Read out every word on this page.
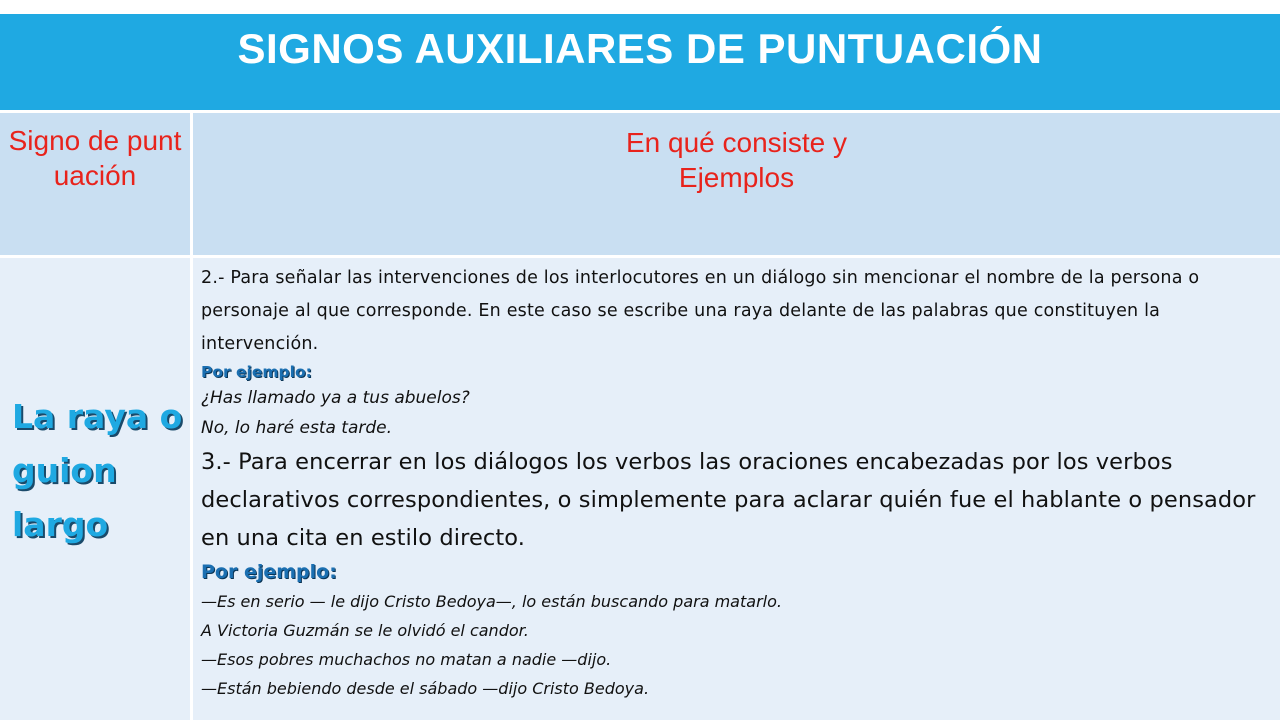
SIGNOS AUXILIARES DE PUNTUACIÓN
Signo de puntuación
En qué consiste y
Ejemplos
La raya o guion largo

2.- Para señalar las intervenciones de los interlocutores en un diálogo sin mencionar el nombre de la persona o personaje al que corresponde. En este caso se escribe una raya delante de las palabras que constituyen la intervención.

Por ejemplo:

¿Has llamado ya a tus abuelos?

No, lo haré esta tarde.

3.- Para encerrar en los diálogos los verbos las oraciones encabezadas por los verbos declarativos correspondientes, o simplemente para aclarar quién fue el hablante o pensador en una cita en estilo directo.

Por ejemplo:

—Es en serio — le dijo Cristo Bedoya—, lo están buscando para matarlo.

A Victoria Guzmán se le olvidó el candor.

—Esos pobres muchachos no matan a nadie —dijo.

—Están bebiendo desde el sábado —dijo Cristo Bedoya.
